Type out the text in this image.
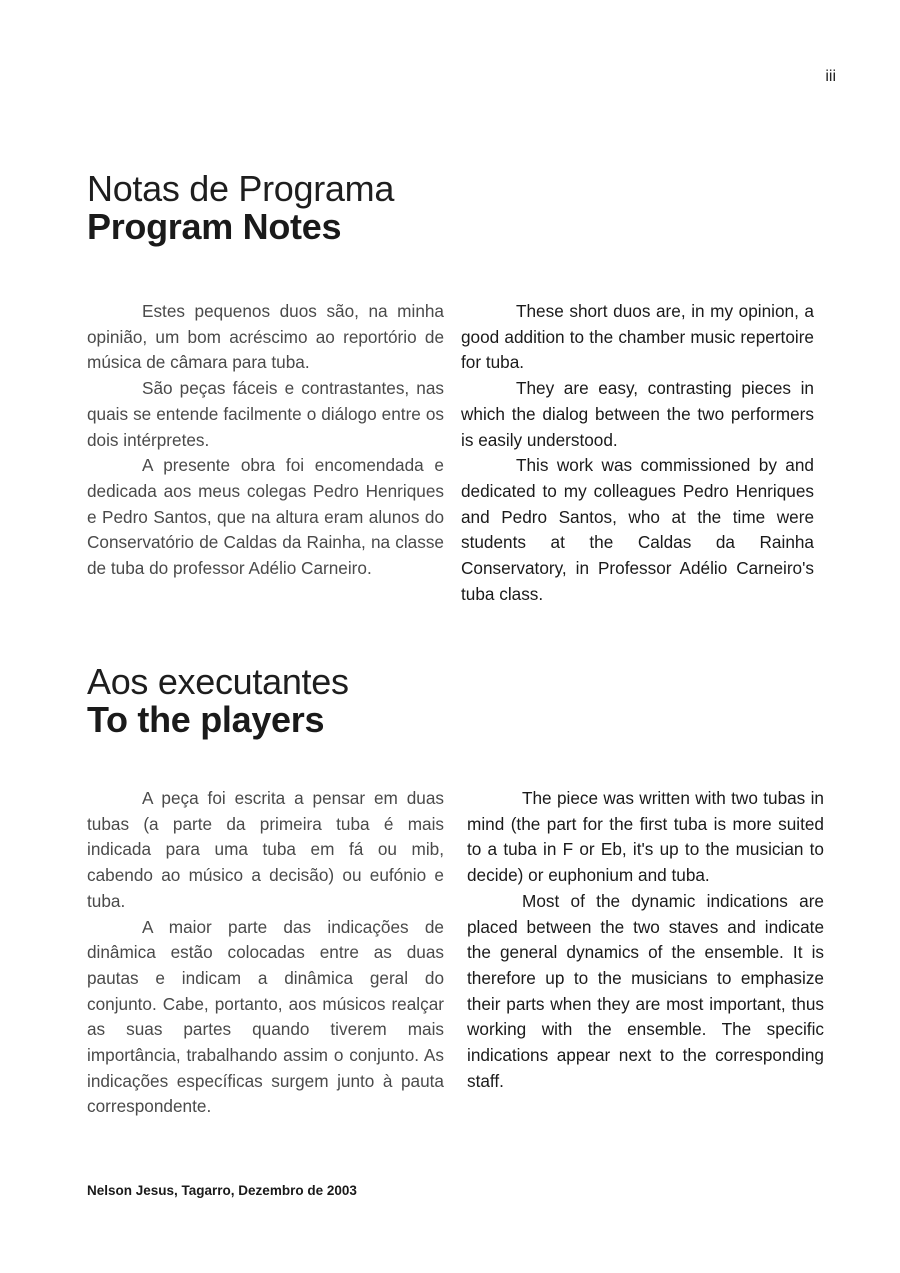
iii
Notas de Programa
Program Notes

Estes pequenos duos são, na minha opinião, um bom acréscimo ao reportório de música de câmara para tuba.

São peças fáceis e contrastantes, nas quais se entende facilmente o diálogo entre os dois intérpretes.

A presente obra foi encomendada e dedicada aos meus colegas Pedro Henriques e Pedro Santos, que na altura eram alunos do Conservatório de Caldas da Rainha, na classe de tuba do professor Adélio Carneiro.

These short duos are, in my opinion, a good addition to the chamber music repertoire for tuba.

They are easy, contrasting pieces in which the dialog between the two performers is easily understood.

This work was commissioned by and dedicated to my colleagues Pedro Henriques and Pedro Santos, who at the time were students at the Caldas da Rainha Conservatory, in Professor Adélio Carneiro's tuba class.

Aos executantes
To the players

A peça foi escrita a pensar em duas tubas (a parte da primeira tuba é mais indicada para uma tuba em fá ou mib, cabendo ao músico a decisão) ou eufónio e tuba.

A maior parte das indicações de dinâmica estão colocadas entre as duas pautas e indicam a dinâmica geral do conjunto. Cabe, portanto, aos músicos realçar as suas partes quando tiverem mais importância, trabalhando assim o conjunto. As indicações específicas surgem junto à pauta correspondente.

The piece was written with two tubas in mind (the part for the first tuba is more suited to a tuba in F or Eb, it's up to the musician to decide) or euphonium and tuba.

Most of the dynamic indications are placed between the two staves and indicate the general dynamics of the ensemble. It is therefore up to the musicians to emphasize their parts when they are most important, thus working with the ensemble. The specific indications appear next to the corresponding staff.

Nelson Jesus, Tagarro, Dezembro de 2003
